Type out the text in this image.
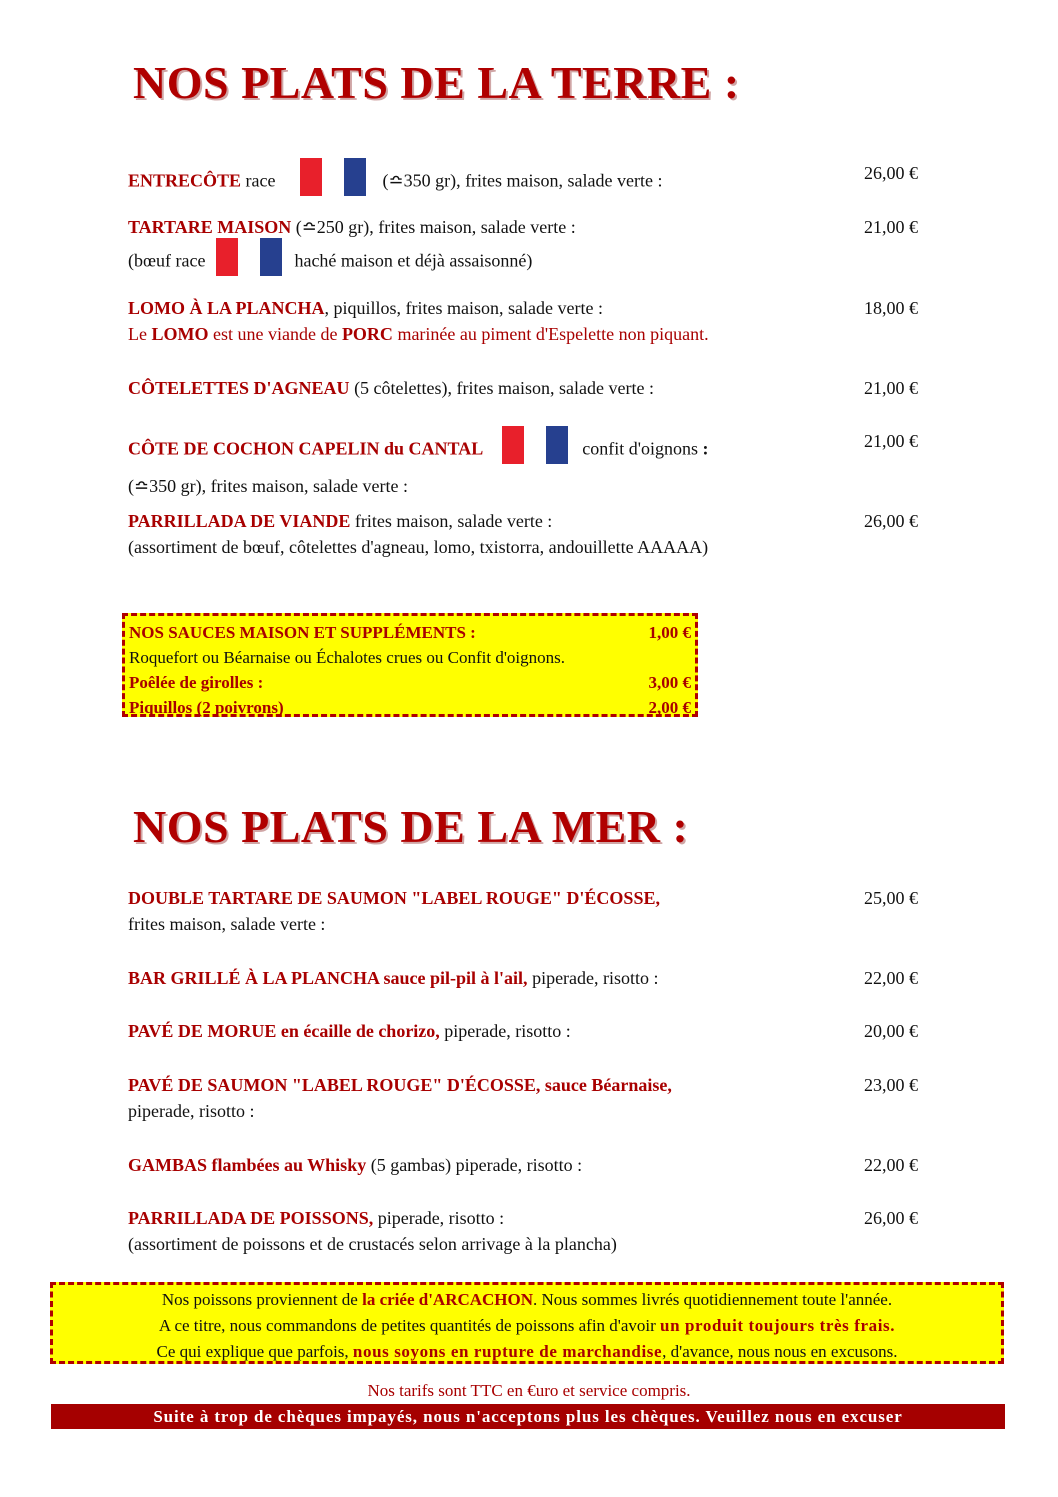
NOS PLATS DE LA TERRE :
ENTRECÔTE race	(≏350 gr), frites maison, salade verte :	26,00 €
TARTARE MAISON (≏250 gr), frites maison, salade verte :
(bœuf race	haché maison et déjà assaisonné)
21,00 €
LOMO À LA PLANCHA, piquillos, frites maison, salade verte :
Le LOMO est une viande de PORC marinée au piment d'Espelette non piquant.
18,00 €
CÔTELETTES D'AGNEAU (5 côtelettes), frites maison, salade verte :	21,00 €
CÔTE DE COCHON CAPELIN du CANTAL	confit d'oignons :
(≏350 gr), frites maison, salade verte :
21,00 €
PARRILLADA DE VIANDE frites maison, salade verte :
(assortiment de bœuf, côtelettes d'agneau, lomo, txistorra, andouillette AAAAA)
26,00 €
NOS SAUCES MAISON ET SUPPLÉMENTS :	1,00 €
Roquefort ou Béarnaise ou Échalotes crues ou Confit d'oignons.
Poêlée de girolles :	3,00 €
Piquillos (2 poivrons)	2,00 €
NOS PLATS DE LA MER :
DOUBLE TARTARE DE SAUMON "LABEL ROUGE" D'ÉCOSSE,
frites maison, salade verte :
25,00 €
BAR GRILLÉ À LA PLANCHA sauce pil-pil à l'ail, piperade, risotto :	22,00 €
PAVÉ DE MORUE en écaille de chorizo, piperade, risotto :	20,00 €
PAVÉ DE SAUMON "LABEL ROUGE" D'ÉCOSSE, sauce Béarnaise,
piperade, risotto :
23,00 €
GAMBAS flambées au Whisky (5 gambas) piperade, risotto :	22,00 €
PARRILLADA DE POISSONS, piperade, risotto :
(assortiment de poissons et de crustacés selon arrivage à la plancha)
26,00 €
Nos poissons proviennent de la criée d'ARCACHON. Nous sommes livrés quotidiennement toute l'année.
A ce titre, nous commandons de petites quantités de poissons afin d'avoir un produit toujours très frais.
Ce qui explique que parfois, nous soyons en rupture de marchandise, d'avance, nous nous en excusons.
Nos tarifs sont TTC en €uro et service compris.
Suite à trop de chèques impayés, nous n'acceptons plus les chèques. Veuillez nous en excuser
